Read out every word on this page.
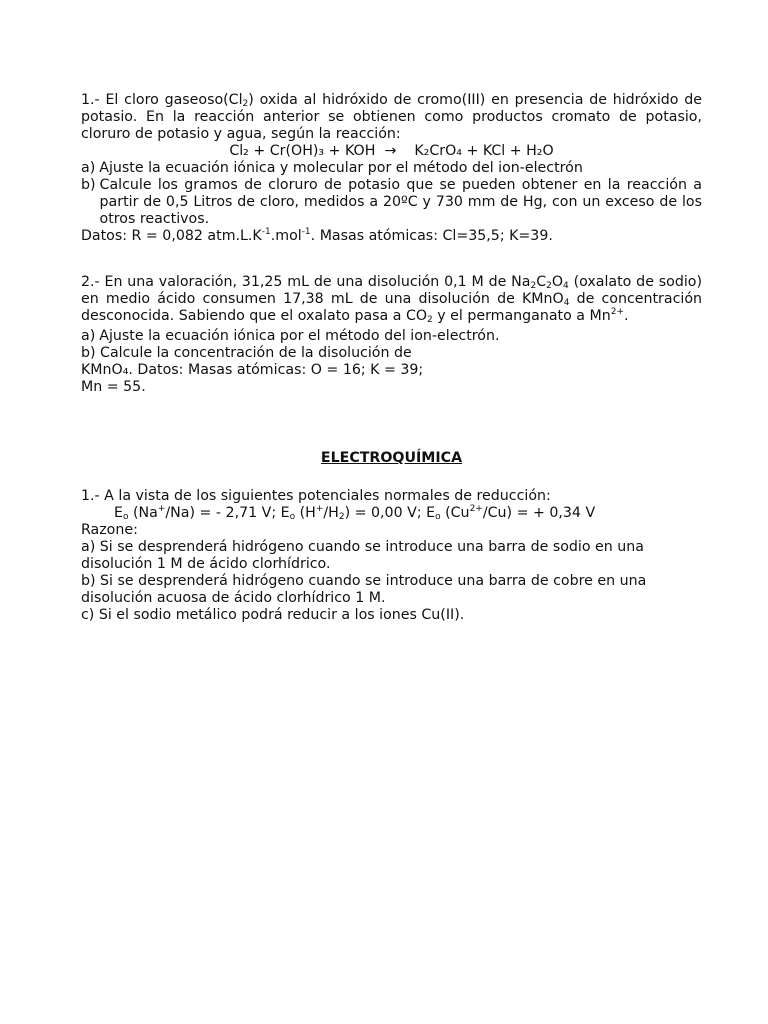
1.- El cloro $gaseoso(Cl_2)$ oxida al hidróxido de cromo(III) en presencia de hidróxido de potasio. En la reacción anterior se obtienen como productos cromato de potasio, cloruro de potasio y agua, según la reacción:

Cl₂ + Cr(OH)₃ + KOH → K₂CrO₄ + KCl + H₂O

a) Ajuste la ecuación iónica y molecular por el método del ion-electrón
b) Calcule los gramos de cloruro de potasio que se pueden obtener en la reacción a partir de 0,5 Litros de cloro, medidos a 20ºC y 730 mm de Hg, con un exceso de los otros reactivos.

Datos: R = 0,082 $atm.L.K^{-1}.mol^{-1}$. Masas atómicas: Cl=35,5; K=39.

2.- En una valoración, 31,25 mL de una disolución 0,1 M de $Na_2C_2O_4$ (oxalato de sodio) en medio ácido consumen 17,38 mL de una disolución de KMnO$_4$ de concentración desconocida. Sabiendo que el oxalato pasa a $CO_2$ y el permanganato a $Mn^{2+}$.

a) Ajuste la ecuación iónica por el método del ion-electrón.

b) Calcule la concentración de la disolución de

KMnO₄. Datos: Masas atómicas: O = 16; K = 39;

Mn = 55.

ELECTROQUÍMICA

1.- A la vista de los siguientes potenciales normales de reducción:

$E_o$ (Na+/Na) = - 2,71 V; $E_o$ $(H^+/H_2) = 0,00$ V; $E_o$ $(Cu^{2+}/Cu)$ = + 0,34 V

Razone:

a) Si se desprenderá hidrógeno cuando se introduce una barra de sodio en una disolución 1 M de ácido clorhídrico.

b) Si se desprenderá hidrógeno cuando se introduce una barra de cobre en una disolución acuosa de ácido clorhídrico 1 M.

c) Si el sodio metálico podrá reducir a los iones Cu(II).
